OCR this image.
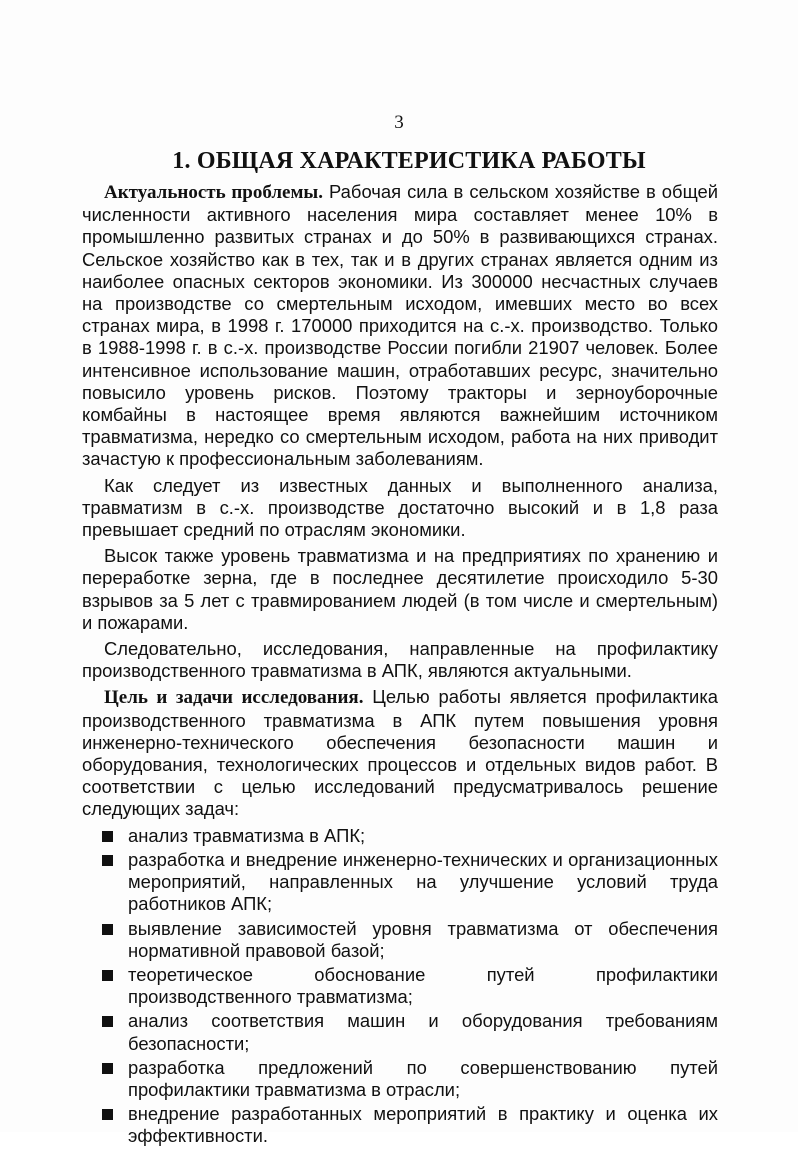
3
1. ОБЩАЯ ХАРАКТЕРИСТИКА РАБОТЫ

Актуальность проблемы. Рабочая сила в сельском хозяйстве в общей численности активного населения мира составляет менее 10% в промышленно развитых странах и до 50% в развивающихся странах. Сельское хозяйство как в тех, так и в других странах является одним из наиболее опасных секторов экономики. Из 300000 несчастных случаев на производстве со смертельным исходом, имевших место во всех странах мира, в 1998 г. 170000 приходится на с.-х. производство. Только в 1988-1998 г. в с.-х. производстве России погибли 21907 человек. Более интенсивное использование машин, отработавших ресурс, значительно повысило уровень рисков. Поэтому тракторы и зерноуборочные комбайны в настоящее время являются важнейшим источником травматизма, нередко со смертельным исходом, работа на них приводит зачастую к профессиональным заболеваниям.

Как следует из известных данных и выполненного анализа, травматизм в с.-х. производстве достаточно высокий и в 1,8 раза превышает средний по отраслям экономики.

Высок также уровень травматизма и на предприятиях по хранению и переработке зерна, где в последнее десятилетие происходило 5-30 взрывов за 5 лет с травмированием людей (в том числе и смертельным) и пожарами.

Следовательно, исследования, направленные на профилактику производственного травматизма в АПК, являются актуальными.

Цель и задачи исследования. Целью работы является профилактика производственного травматизма в АПК путем повышения уровня инженерно-технического обеспечения безопасности машин и оборудования, технологических процессов и отдельных видов работ. В соответствии с целью исследований предусматривалось решение следующих задач:

анализ травматизма в АПК;
разработка и внедрение инженерно-технических и организационных мероприятий, направленных на улучшение условий труда работников АПК;
выявление зависимостей уровня травматизма от обеспечения нормативной правовой базой;
теоретическое обоснование путей профилактики производственного травматизма;
анализ соответствия машин и оборудования требованиям безопасности;
разработка предложений по совершенствованию путей профилактики травматизма в отрасли;
внедрение разработанных мероприятий в практику и оценка их эффективности.
